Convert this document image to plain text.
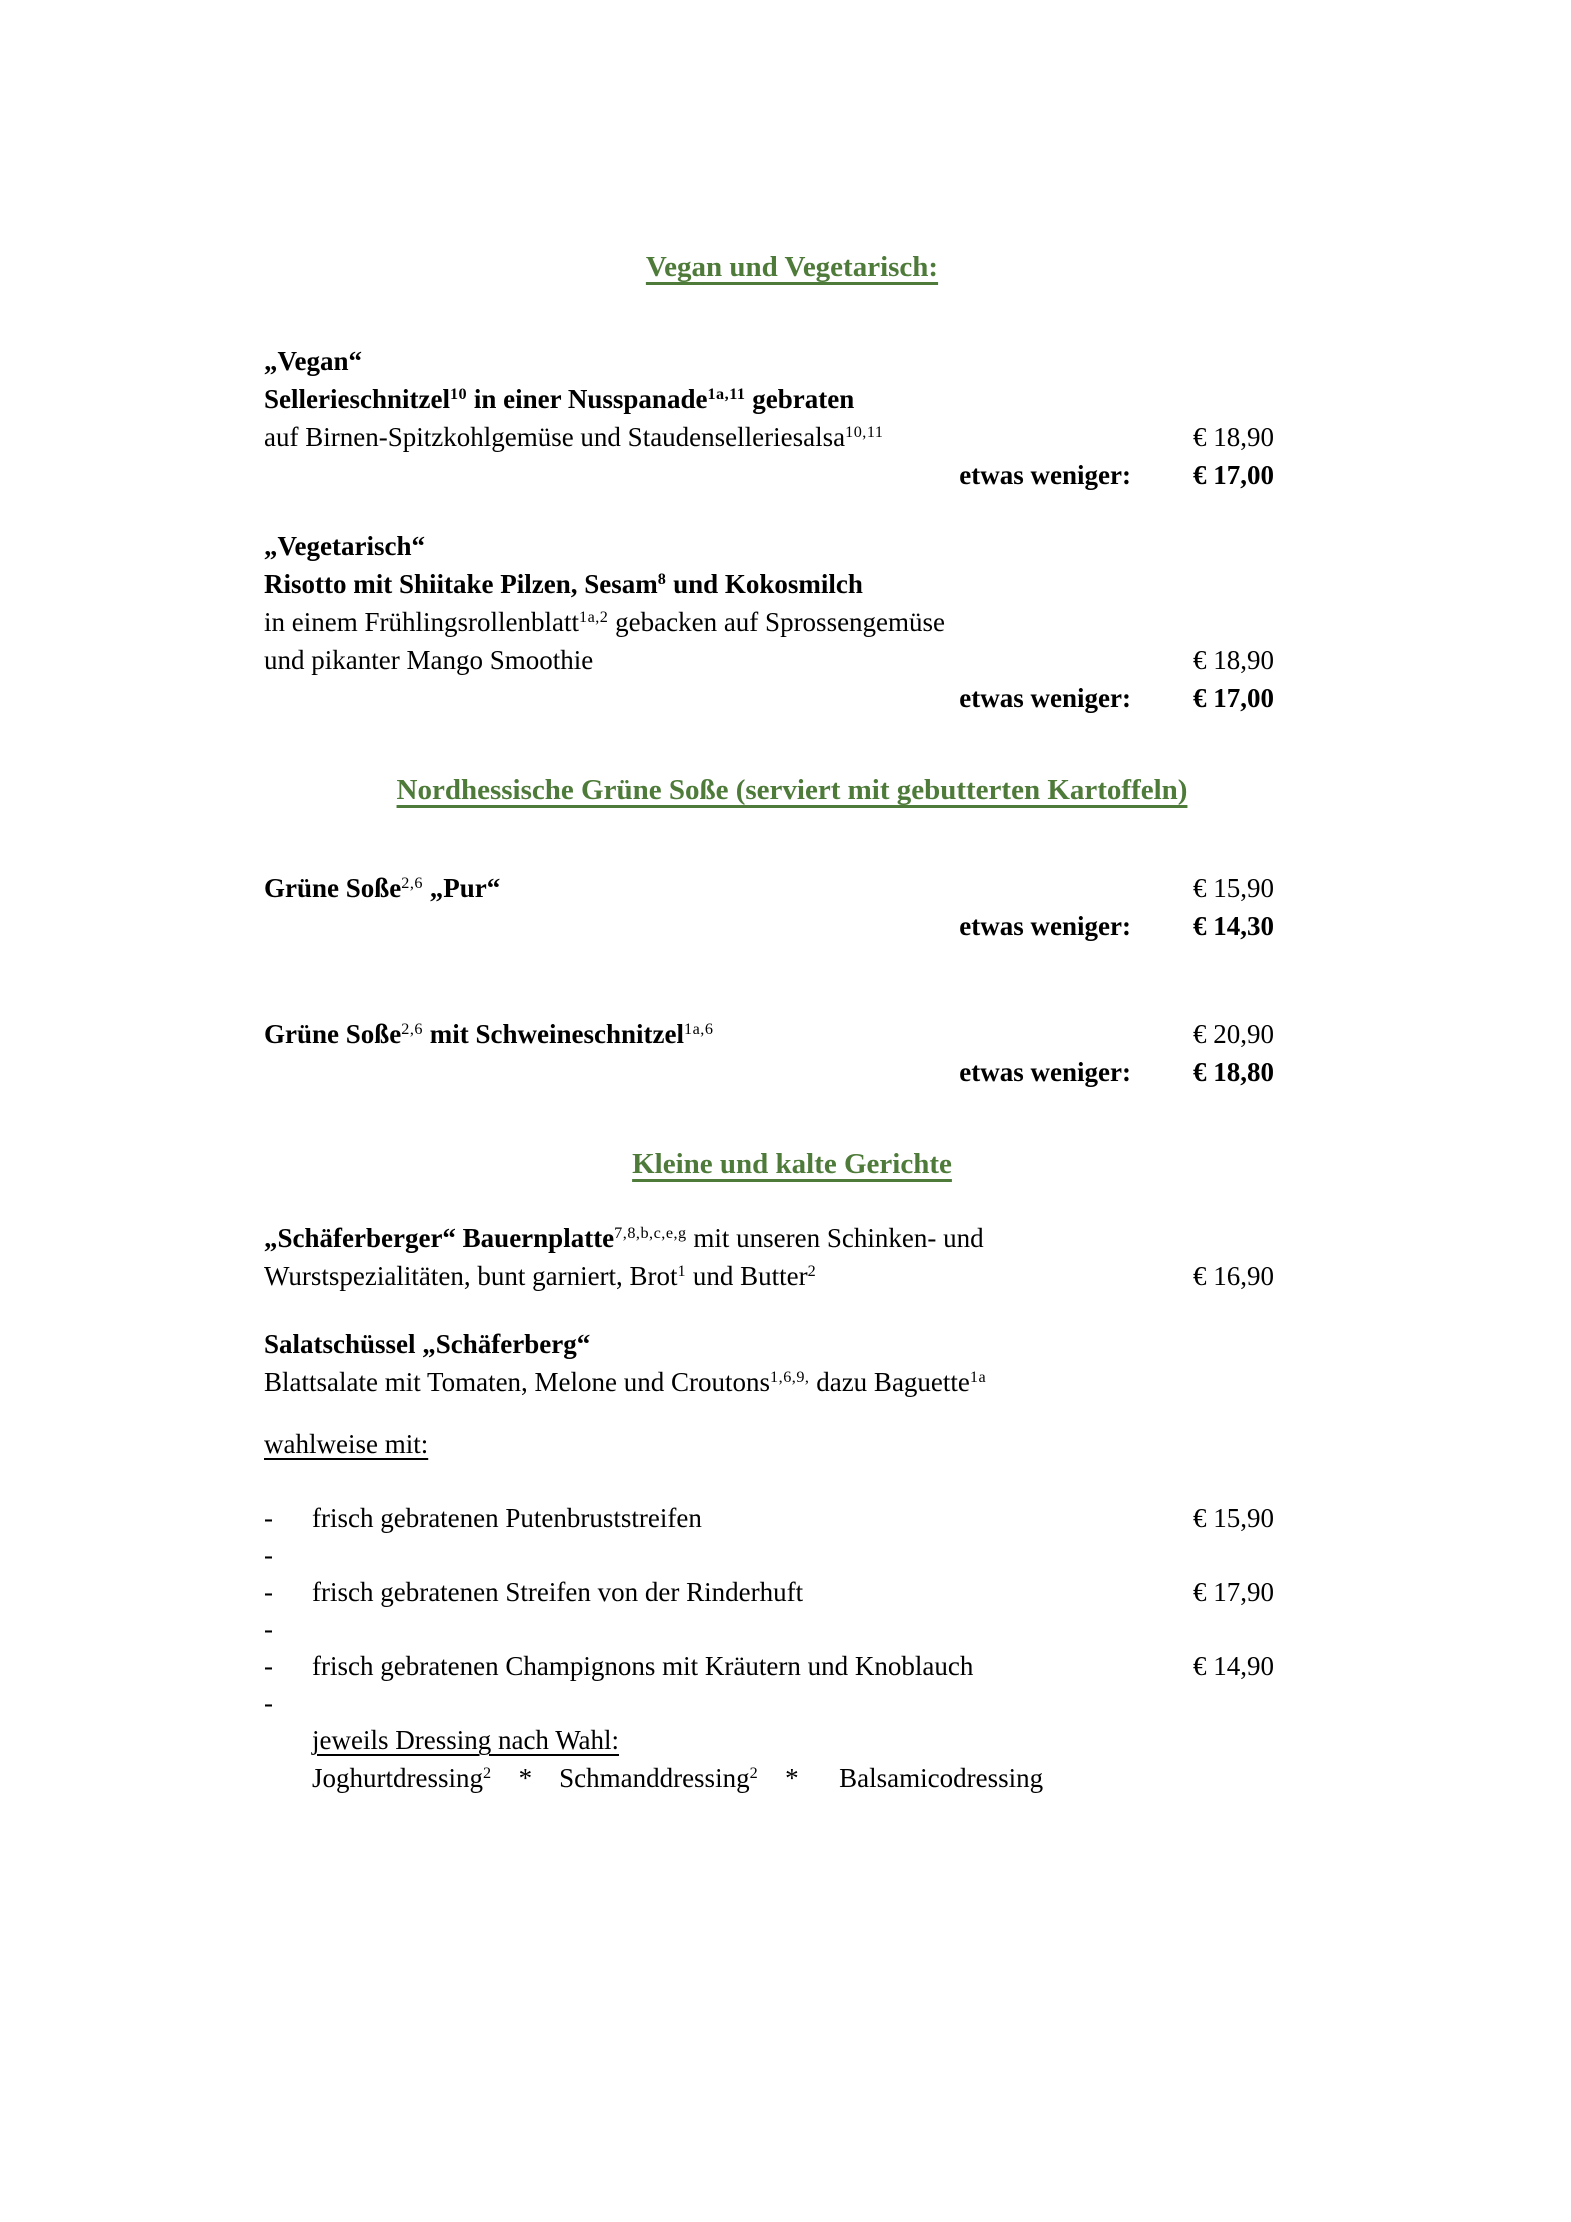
Vegan und Vegetarisch:
„Vegan“
Sellerieschnitzel$^{10}$ in einer Nusspanade$^{1a,11}$ gebraten
auf Birnen-Spitzkohlgemüse und Staudenselleriesalsa$^{10,11}$	€ 18,90
etwas weniger:	€ 17,00
„Vegetarisch“
Risotto mit Shiitake Pilzen, Sesam$^8$ und Kokosmilch
in einem Frühlingsrollenblatt$^{1a,2}$ gebacken auf Sprossengemüse
und pikanter Mango Smoothie	€ 18,90
etwas weniger:	€ 17,00
Nordhessische Grüne Soße (serviert mit gebutterten Kartoffeln)
Grüne Soße$^{2,6}$ „Pur“	€ 15,90
etwas weniger:	€ 14,30
Grüne Soße$^{2,6}$ mit Schweineschnitzel$^{1a,6}$	€ 20,90
etwas weniger:	€ 18,80
Kleine und kalte Gerichte
„Schäferberger“ Bauernplatte$^{7,8,b,c,e,g}$ mit unseren Schinken- und
Wurstspezialitäten, bunt garniert, Brot$^1$ und Butter$^2$	€ 16,90
Salatschüssel „Schäferberg“
Blattsalate mit Tomaten, Melone und Croutons$^{1,6,9,}$ dazu Baguette$^{1a}$
wahlweise mit:
-	frisch gebratenen Putenbruststreifen	€ 15,90
-
-	frisch gebratenen Streifen von der Rinderhuft	€ 17,90
-
-	frisch gebratenen Champignons mit Kräutern und Knoblauch	€ 14,90
-
jeweils Dressing nach Wahl:
Joghurtdressing$^2$    *    Schmanddressing$^2$    *      Balsamicodressing
